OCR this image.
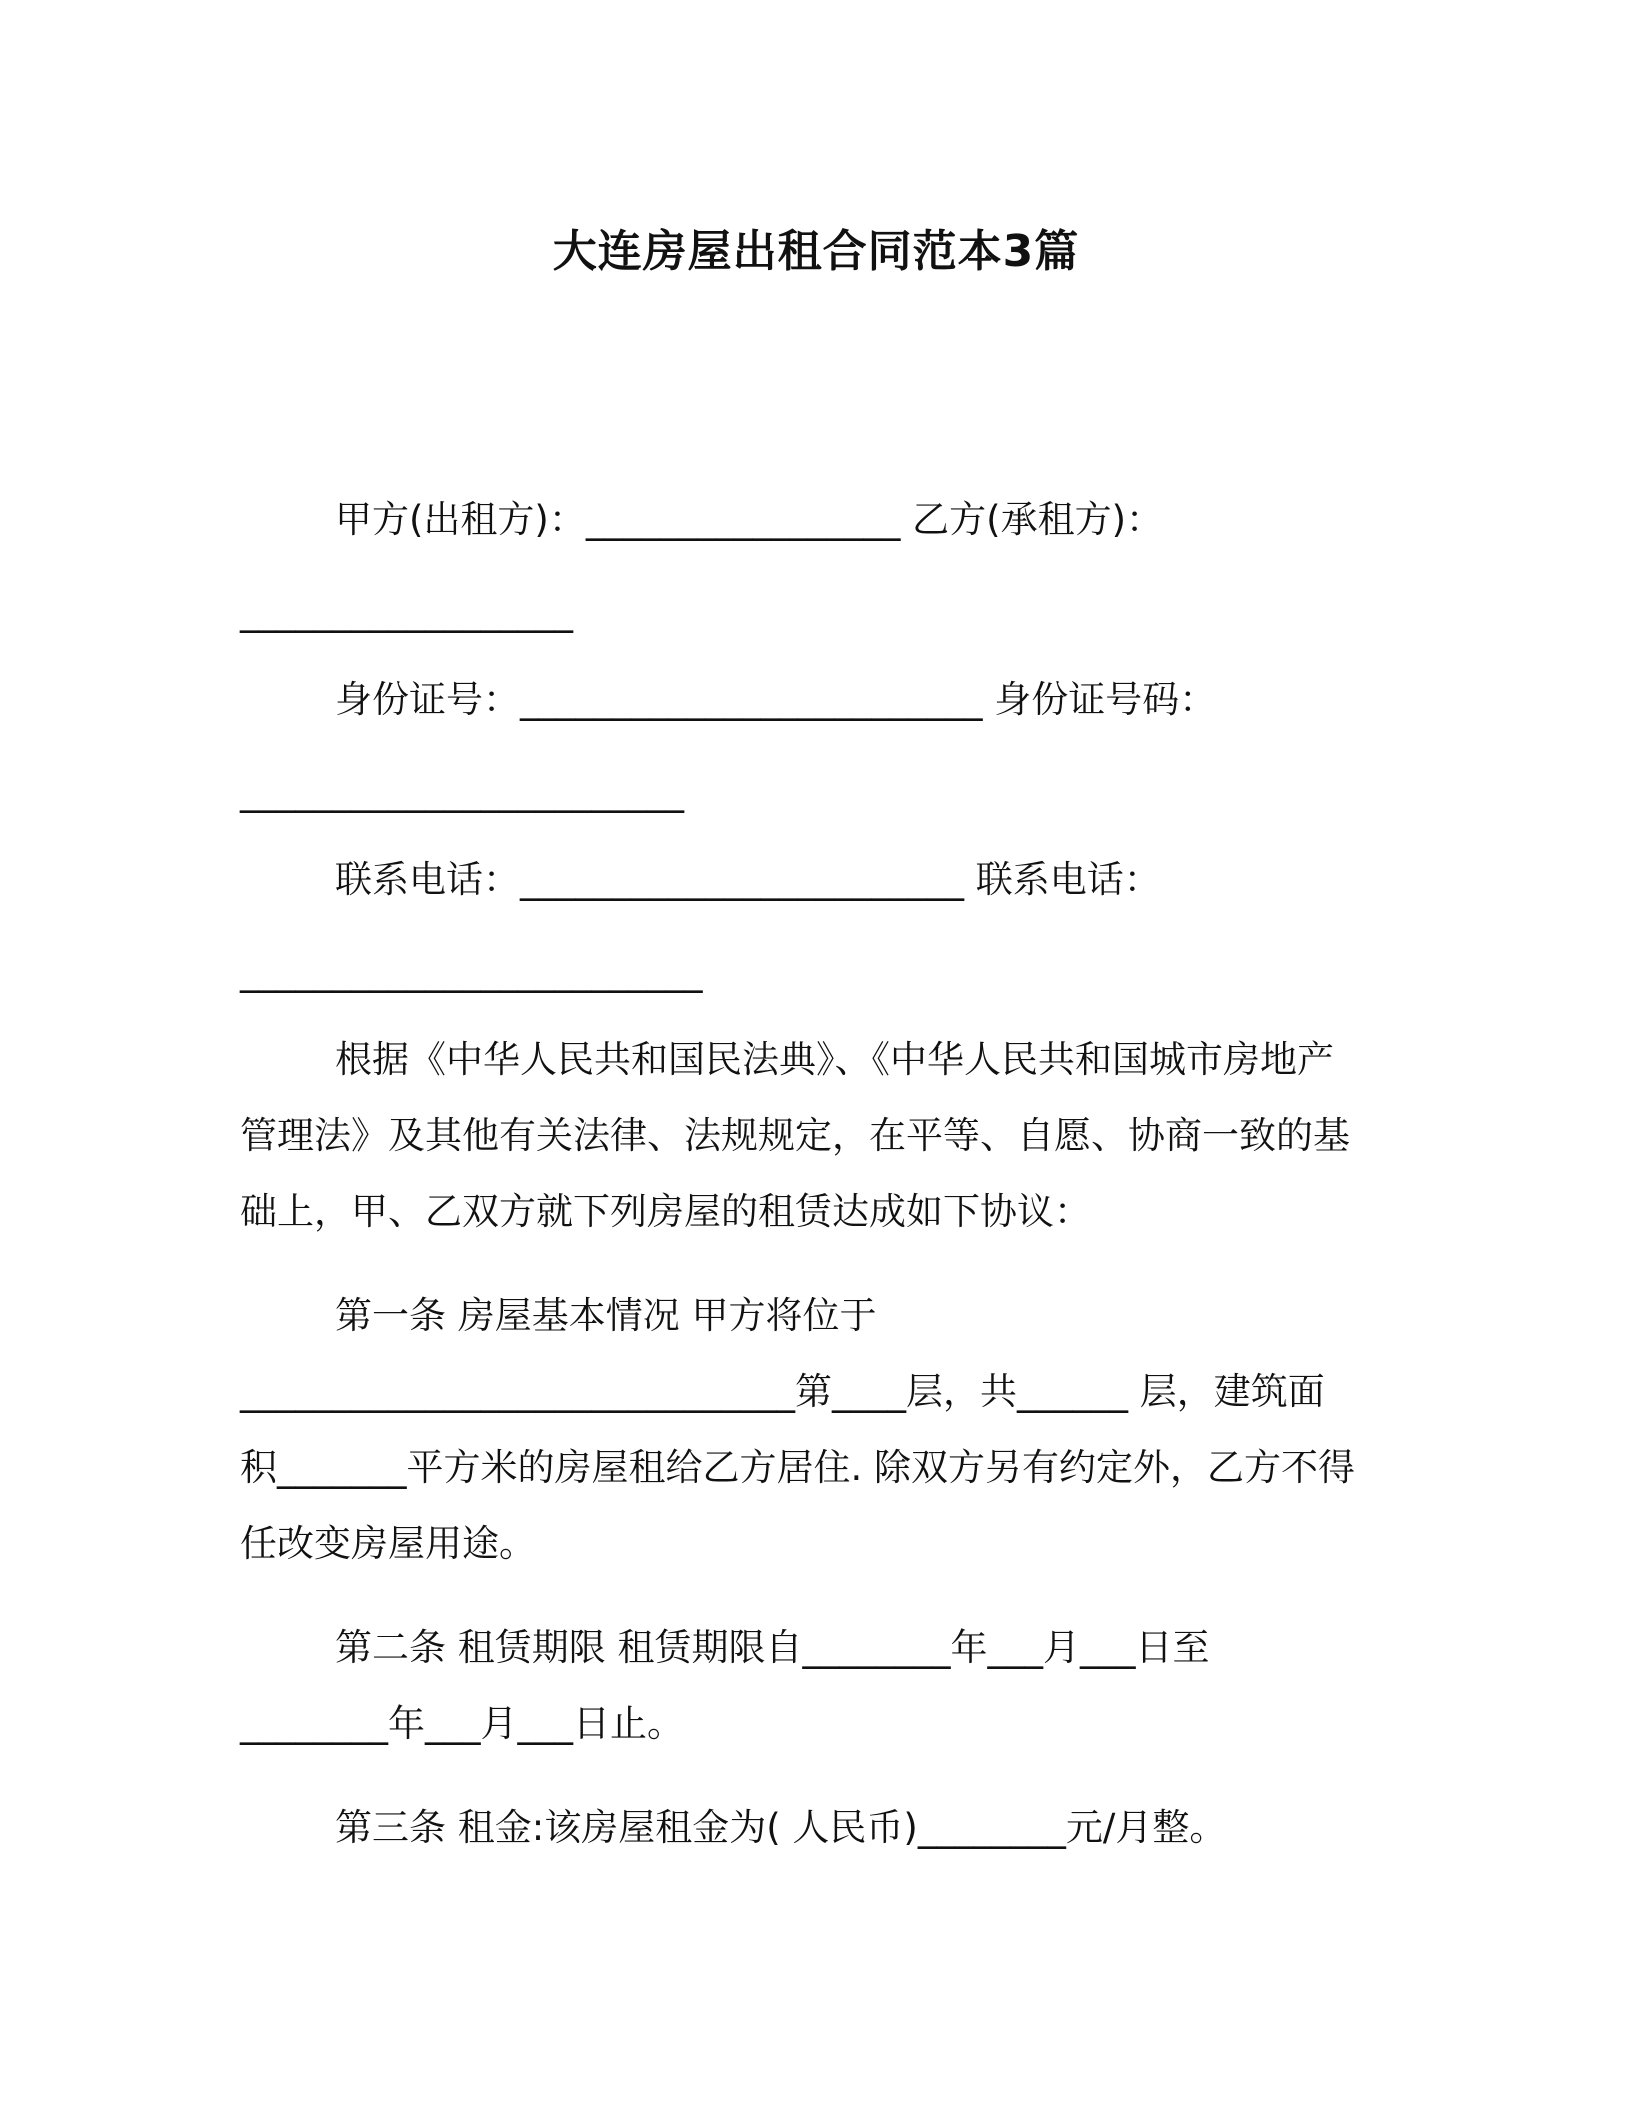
大连房屋出租合同范本3篇
甲方(出租方)：_________________ 乙方(承租方)：
__________________
身份证号：_________________________ 身份证号码：
________________________
联系电话：________________________ 联系电话：
_________________________
根据《中华人民共和国民法典》、《中华人民共和国城市房地产
管理法》及其他有关法律、法规规定，在平等、自愿、协商一致的基
础上，甲、乙双方就下列房屋的租赁达成如下协议：
第一条 房屋基本情况 甲方将位于
______________________________第____层，共______ 层，建筑面
积_______平方米的房屋租给乙方居住. 除双方另有约定外，乙方不得
任改变房屋用途。
第二条 租赁期限 租赁期限自________年___月___日至
________年___月___日止。
第三条 租金:该房屋租金为( 人民币)________元/月整。
